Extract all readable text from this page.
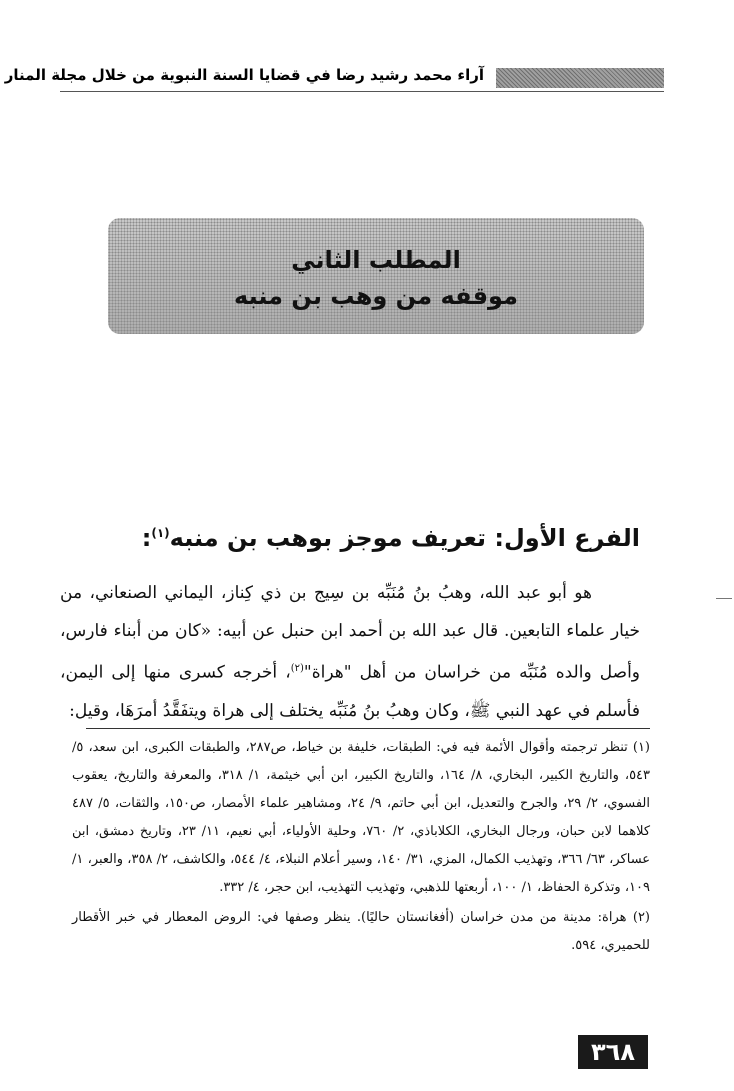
آراء محمد رشيد رضا في قضايا السنة النبوية من خلال مجلة المنار
المطلب الثاني
موقفه من وهب بن منبه
الفرع الأول: تعريف موجز بوهب بن منبه$^{(١)}$:

هو أبو عبد الله، وهبُ بنُ مُنَبِّه بن سِيج بن ذي كِناز، اليماني الصنعاني، من خيار علماء التابعين. قال عبد الله بن أحمد ابن حنبل عن أبيه: «كان من أبناء فارس، وأصل والده مُنَبِّه من خراسان من أهل "هراة"$^{(٢)}$، أخرجه كسرى منها إلى اليمن، فأسلم في عهد النبي ﷺ، وكان وهبُ بنُ مُنَبِّه يختلف إلى هراة ويتفَقَّدُ أمرَهَا، وقيل:

(١) تنظر ترجمته وأقوال الأئمة فيه في: الطبقات، خليفة بن خياط، ص٢٨٧، والطبقات الكبرى، ابن سعد، ٥/ ٥٤٣، والتاريخ الكبير، البخاري، ٨/ ١٦٤، والتاريخ الكبير، ابن أبي خيثمة، ١/ ٣١٨، والمعرفة والتاريخ، يعقوب الفسوي، ٢/ ٢٩، والجرح والتعديل، ابن أبي حاتم، ٩/ ٢٤، ومشاهير علماء الأمصار، ص١٥٠، والثقات، ٥/ ٤٨٧ كلاهما لابن حبان، ورجال البخاري، الكلاباذي، ٢/ ٧٦٠، وحلية الأولياء، أبي نعيم، ١١/ ٢٣، وتاريخ دمشق، ابن عساكر، ٦٣/ ٣٦٦، وتهذيب الكمال، المزي، ٣١/ ١٤٠، وسير أعلام النبلاء، ٤/ ٥٤٤، والكاشف، ٢/ ٣٥٨، والعبر، ١/ ١٠٩، وتذكرة الحفاظ، ١/ ١٠٠، أربعتها للذهبي، وتهذيب التهذيب، ابن حجر، ٤/ ٣٣٢.
(٢) هراة: مدينة من مدن خراسان (أفغانستان حاليًا). ينظر وصفها في: الروض المعطار في خبر الأقطار للحميري، ٥٩٤.
٣٦٨
